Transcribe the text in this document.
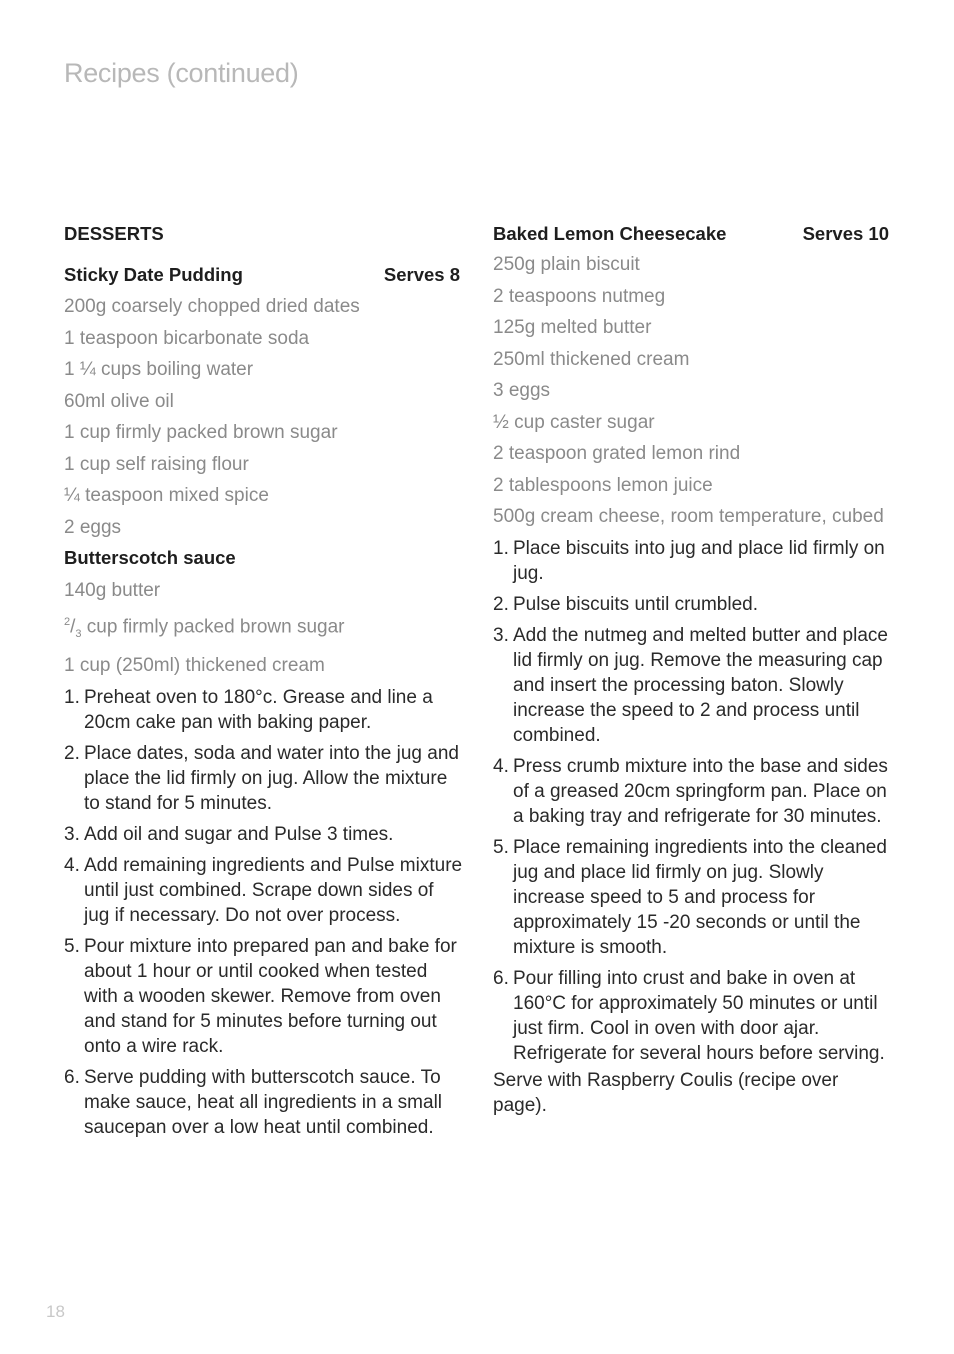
Recipes (continued)
DESSERTS
Sticky Date Pudding	Serves 8
200g coarsely chopped dried dates
1 teaspoon bicarbonate soda
1 ¼ cups boiling water
60ml olive oil
1 cup firmly packed brown sugar
1 cup self raising flour
¼ teaspoon mixed spice
2 eggs
Butterscotch sauce
140g butter
$^2/_3$ cup firmly packed brown sugar
1 cup (250ml) thickened cream
1. Preheat oven to 180°c. Grease and line a 20cm cake pan with baking paper.
2. Place dates, soda and water into the jug and place the lid firmly on jug. Allow the mixture to stand for 5 minutes.
3. Add oil and sugar and Pulse 3 times.
4. Add remaining ingredients and Pulse mixture until just combined. Scrape down sides of jug if necessary. Do not over process.
5. Pour mixture into prepared pan and bake for about 1 hour or until cooked when tested with a wooden skewer. Remove from oven and stand for 5 minutes before turning out onto a wire rack.
6. Serve pudding with butterscotch sauce. To make sauce, heat all ingredients in a small saucepan over a low heat until combined.
Baked Lemon Cheesecake	Serves 10
250g plain biscuit
2 teaspoons nutmeg
125g melted butter
250ml thickened cream
3 eggs
½ cup caster sugar
2 teaspoon grated lemon rind
2 tablespoons lemon juice
500g cream cheese, room temperature, cubed
1. Place biscuits into jug and place lid firmly on jug.
2. Pulse biscuits until crumbled.
3. Add the nutmeg and melted butter and place lid firmly on jug. Remove the measuring cap and insert the processing baton. Slowly increase the speed to 2 and process until combined.
4. Press crumb mixture into the base and sides of a greased 20cm springform pan. Place on a baking tray and refrigerate for 30 minutes.
5. Place remaining ingredients into the cleaned jug and place lid firmly on jug. Slowly increase speed to 5 and process for approximately 15 -20 seconds or until the mixture is smooth.
6. Pour filling into crust and bake in oven at 160°C for approximately 50 minutes or until just firm. Cool in oven with door ajar. Refrigerate for several hours before serving.
Serve with Raspberry Coulis (recipe over page).
18
